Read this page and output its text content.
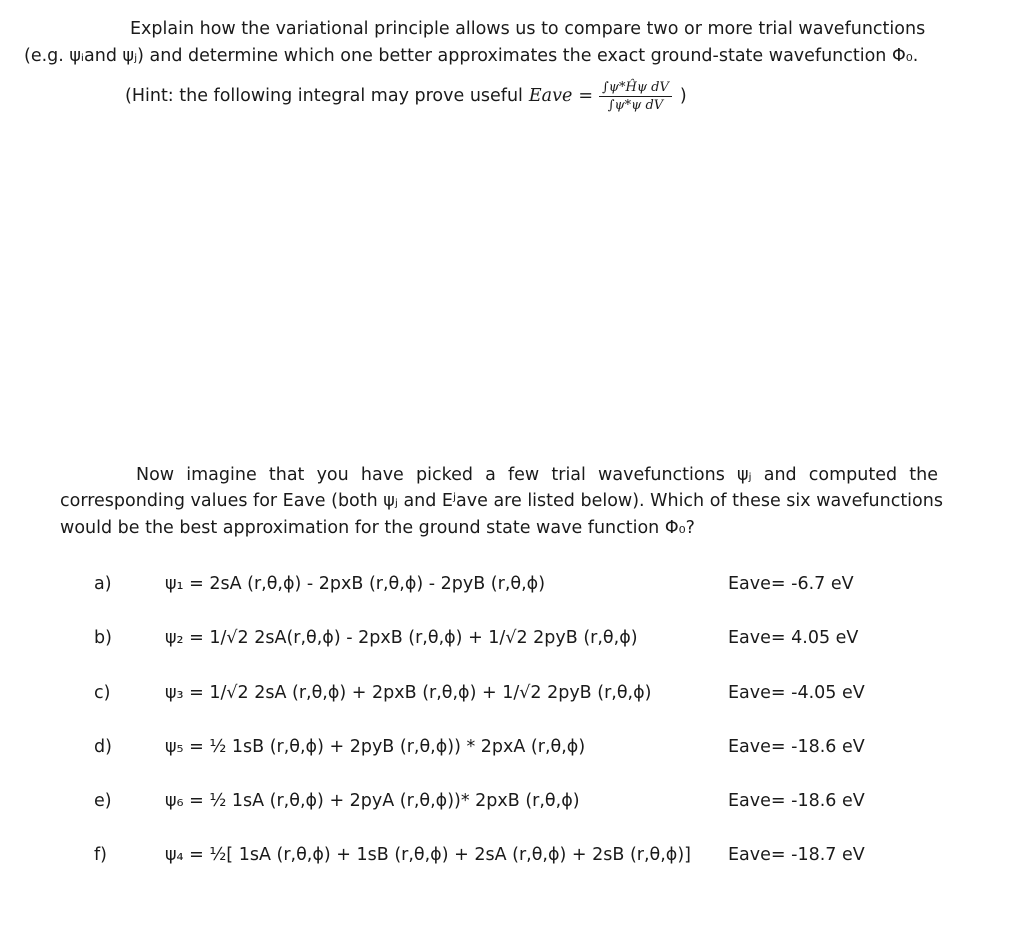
Explain how the variational principle allows us to compare two or more trial wavefunctions
(e.g. ψᵢand ψⱼ) and determine which one better approximates the exact ground-state wavefunction Φ₀.
(Hint: the following integral may prove useful Eave = $\frac{\text{∫ψ*Ĥψ dV}}{\text{∫ψ*ψ dV}}$ )
Now imagine that you have picked a few trial wavefunctions ψⱼ and computed the
corresponding values for Eave (both ψⱼ and Eʲave are listed below). Which of these six wavefunctions
would be the best approximation for the ground state wave function Φ₀?
a)	ψ₁ = 2sA (r,θ,ϕ) - 2pxB (r,θ,ϕ) - 2pyB (r,θ,ϕ)	Eave= -6.7 eV
b)	ψ₂ = 1/√2 2sA(r,θ,ϕ) - 2pxB (r,θ,ϕ) + 1/√2 2pyB (r,θ,ϕ)	Eave= 4.05 eV
c)	ψ₃ = 1/√2 2sA (r,θ,ϕ) + 2pxB (r,θ,ϕ) + 1/√2 2pyB (r,θ,ϕ)	Eave= -4.05 eV
d)	ψ₅ = ½ 1sB (r,θ,ϕ) + 2pyB (r,θ,ϕ)) * 2pxA (r,θ,ϕ)	Eave= -18.6 eV
e)	ψ₆ = ½ 1sA (r,θ,ϕ) + 2pyA (r,θ,ϕ))* 2pxB (r,θ,ϕ)	Eave= -18.6 eV
f)	ψ₄ = ½[ 1sA (r,θ,ϕ) + 1sB (r,θ,ϕ) + 2sA (r,θ,ϕ) + 2sB (r,θ,ϕ)] Eave= -18.7 eV
